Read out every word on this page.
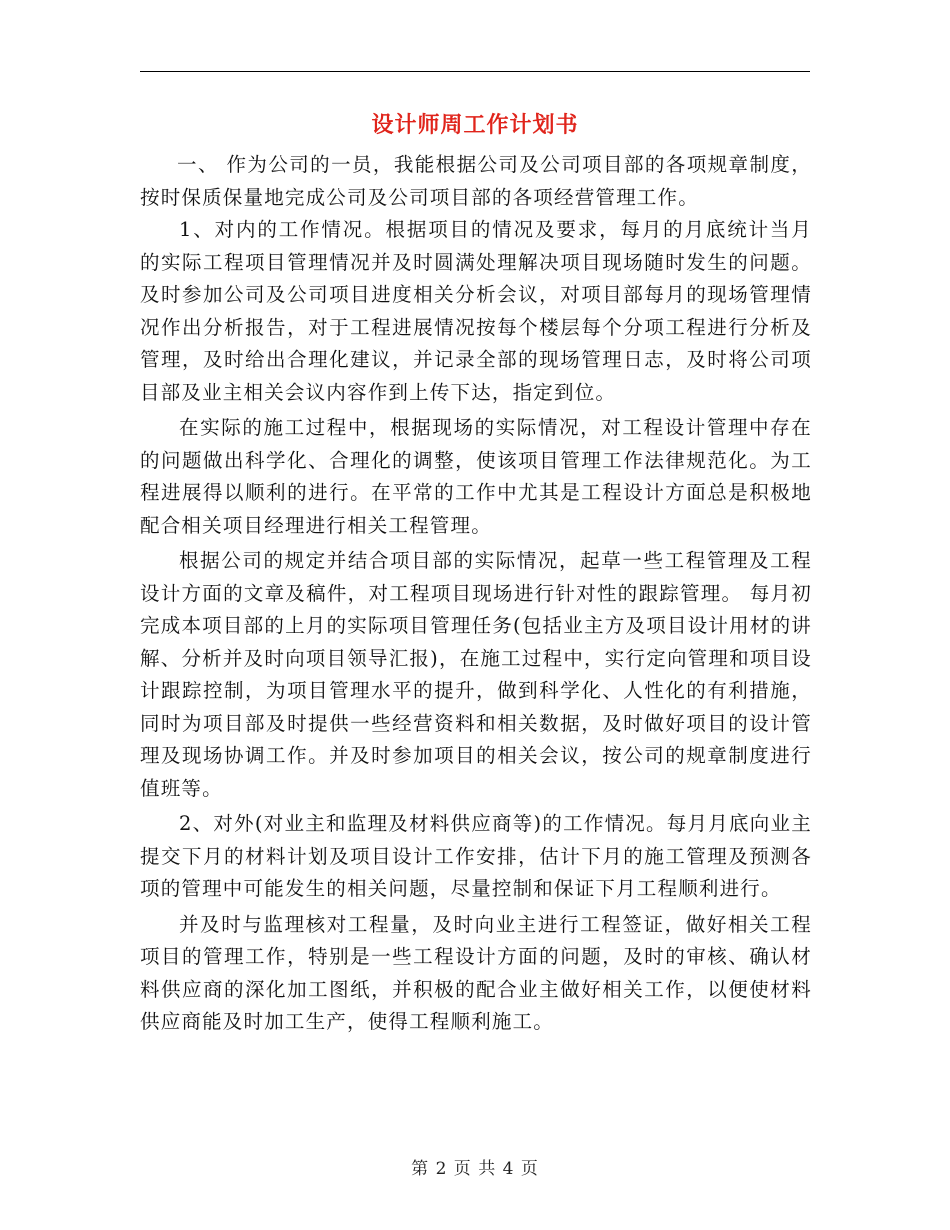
设计师周工作计划书

一、 作为公司的一员，我能根据公司及公司项目部的各项规章制度，按时保质保量地完成公司及公司项目部的各项经营管理工作。

1、对内的工作情况。根据项目的情况及要求，每月的月底统计当月的实际工程项目管理情况并及时圆满处理解决项目现场随时发生的问题。及时参加公司及公司项目进度相关分析会议，对项目部每月的现场管理情况作出分析报告，对于工程进展情况按每个楼层每个分项工程进行分析及管理，及时给出合理化建议，并记录全部的现场管理日志，及时将公司项目部及业主相关会议内容作到上传下达，指定到位。

在实际的施工过程中，根据现场的实际情况，对工程设计管理中存在的问题做出科学化、合理化的调整，使该项目管理工作法律规范化。为工程进展得以顺利的进行。在平常的工作中尤其是工程设计方面总是积极地配合相关项目经理进行相关工程管理。

根据公司的规定并结合项目部的实际情况，起草一些工程管理及工程设计方面的文章及稿件，对工程项目现场进行针对性的跟踪管理。 每月初完成本项目部的上月的实际项目管理任务(包括业主方及项目设计用材的讲解、分析并及时向项目领导汇报)，在施工过程中，实行定向管理和项目设计跟踪控制，为项目管理水平的提升，做到科学化、人性化的有利措施，同时为项目部及时提供一些经营资料和相关数据，及时做好项目的设计管理及现场协调工作。并及时参加项目的相关会议，按公司的规章制度进行值班等。

2、对外(对业主和监理及材料供应商等)的工作情况。每月月底向业主提交下月的材料计划及项目设计工作安排，估计下月的施工管理及预测各项的管理中可能发生的相关问题，尽量控制和保证下月工程顺利进行。

并及时与监理核对工程量，及时向业主进行工程签证，做好相关工程项目的管理工作，特别是一些工程设计方面的问题，及时的审核、确认材料供应商的深化加工图纸，并积极的配合业主做好相关工作，以便使材料供应商能及时加工生产，使得工程顺利施工。

第 2 页 共 4 页
